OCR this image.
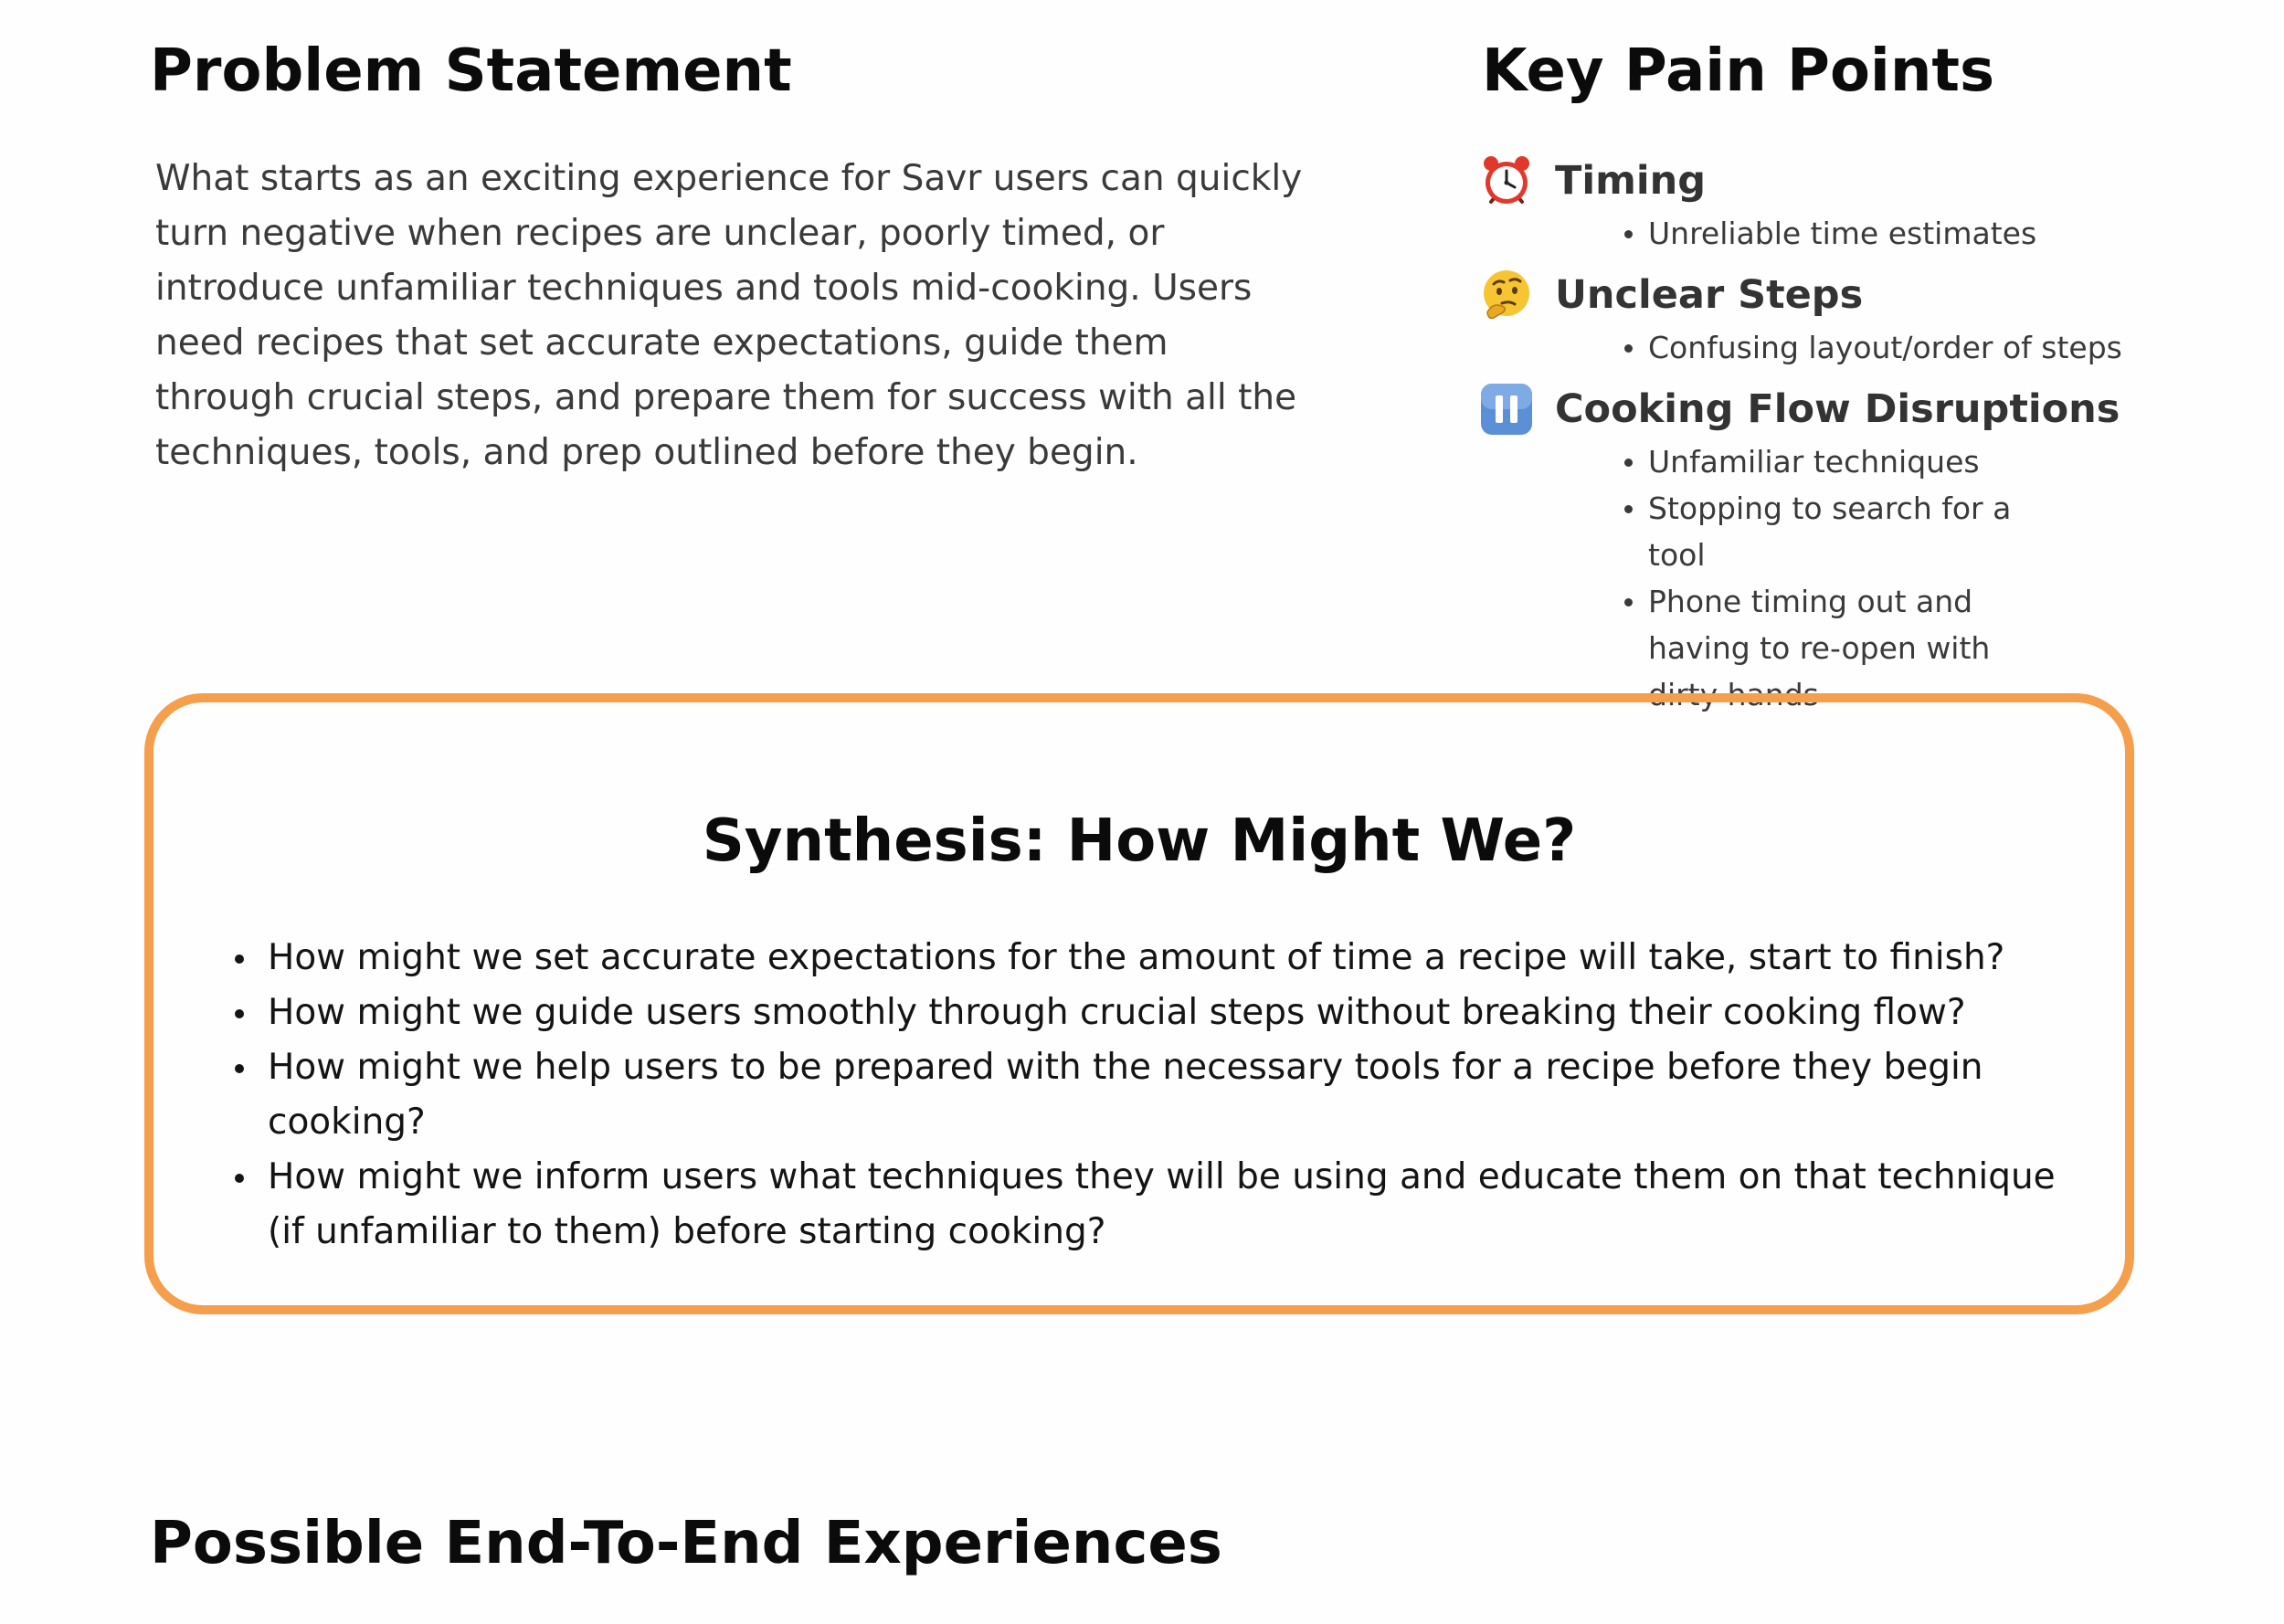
Problem Statement

What starts as an exciting experience for Savr users can quickly turn negative when recipes are unclear, poorly timed, or introduce unfamiliar techniques and tools mid-cooking. Users need recipes that set accurate expectations, guide them through crucial steps, and prepare them for success with all the techniques, tools, and prep outlined before they begin.

Key Pain Points
Timing
Unreliable time estimates
Unclear Steps
Confusing layout/order of steps
Cooking Flow Disruptions
Unfamiliar techniques
Stopping to search for a tool
Phone timing out and having to re-open with dirty hands
Synthesis: How Might We?
How might we set accurate expectations for the amount of time a recipe will take, start to finish?
How might we guide users smoothly through crucial steps without breaking their cooking flow?
How might we help users to be prepared with the necessary tools for a recipe before they begin cooking?
How might we inform users what techniques they will be using and educate them on that technique (if unfamiliar to them) before starting cooking?
Possible End-To-End Experiences
